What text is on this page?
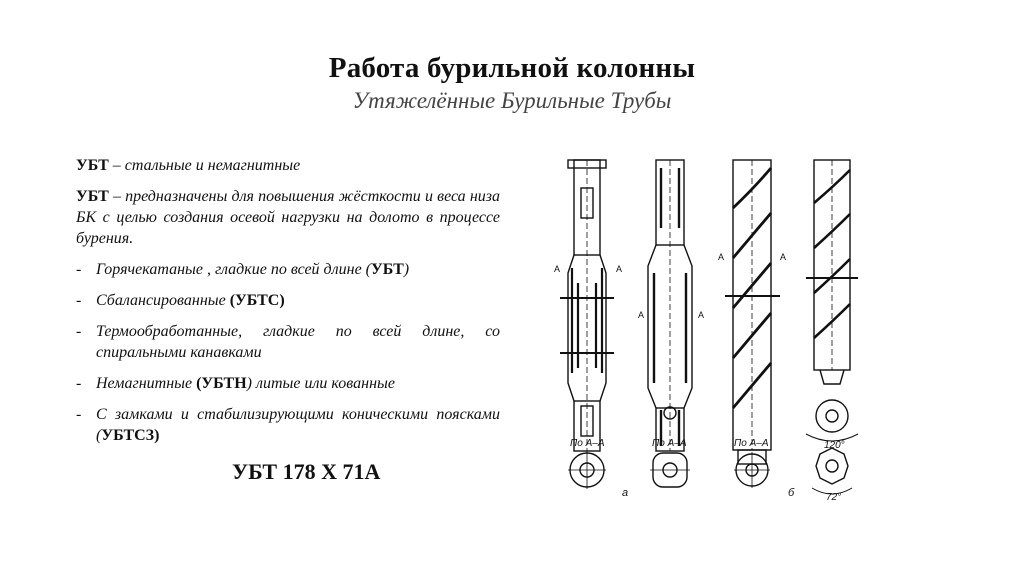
Работа бурильной колонны
Утяжелённые Бурильные Трубы

УБТ – стальные и немагнитные

УБТ – предназначены для повышения жёсткости и веса низа БК с целью создания осевой нагрузки на долото в процессе бурения.

- Горячекатаные , гладкие по всей длине (УБТ)
- Сбалансированные (УБТС)
- Термообработанные, гладкие по всей длине, со спиральными канавками
- Немагнитные (УБТН) литые или кованные
- С замками и стабилизирующими коническими поясками (УБТСЗ)
УБТ 178 Х 71А
А	А
А	А
А	А
По А–А	По А–А	По А–А
а	б
120°
72°
